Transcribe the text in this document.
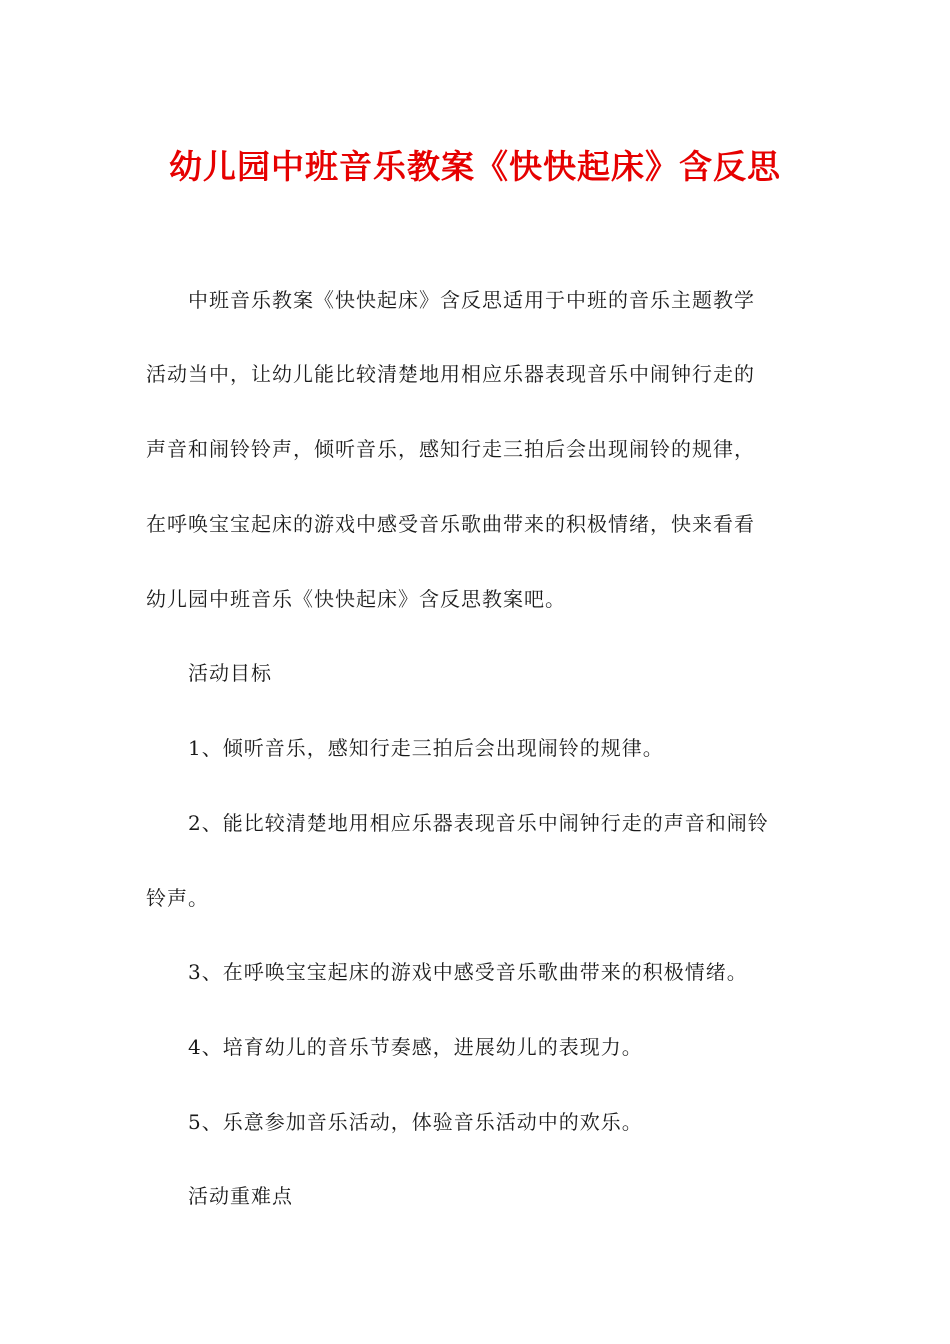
幼儿园中班音乐教案《快快起床》含反思

中班音乐教案《快快起床》含反思适用于中班的音乐主题教学

活动当中，让幼儿能比较清楚地用相应乐器表现音乐中闹钟行走的

声音和闹铃铃声，倾听音乐，感知行走三拍后会出现闹铃的规律，

在呼唤宝宝起床的游戏中感受音乐歌曲带来的积极情绪，快来看看

幼儿园中班音乐《快快起床》含反思教案吧。

活动目标

1、倾听音乐，感知行走三拍后会出现闹铃的规律。

2、能比较清楚地用相应乐器表现音乐中闹钟行走的声音和闹铃

铃声。

3、在呼唤宝宝起床的游戏中感受音乐歌曲带来的积极情绪。

4、培育幼儿的音乐节奏感，进展幼儿的表现力。

5、乐意参加音乐活动，体验音乐活动中的欢乐。

活动重难点
